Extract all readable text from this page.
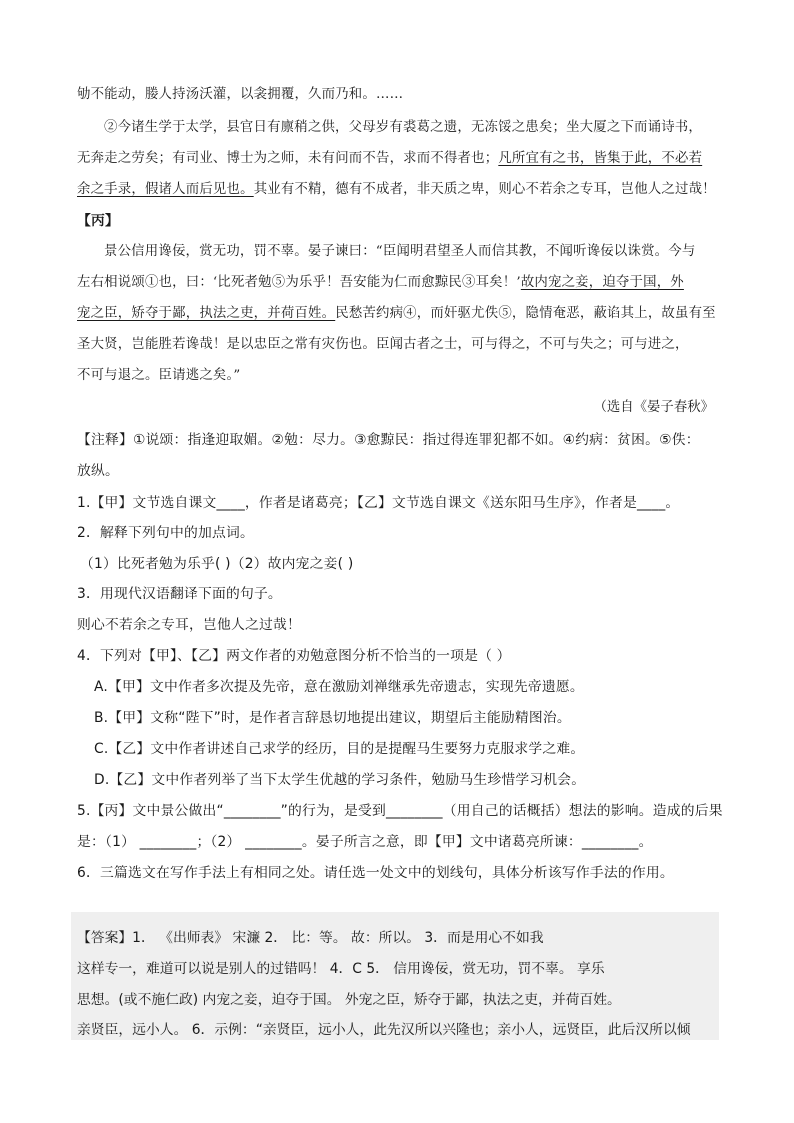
劬不能动，媵人持汤沃灌，以衾拥覆，久而乃和。……
②今诸生学于太学，县官日有廪稍之供，父母岁有裘葛之遗，无冻馁之患矣；坐大厦之下而诵诗书，
无奔走之劳矣；有司业、博士为之师，未有问而不告，求而不得者也；凡所宜有之书，皆集于此，不必若
余之手录，假诸人而后见也。其业有不精，德有不成者，非天质之卑，则心不若余之专耳，岂他人之过哉！
【丙】
景公信用谗佞，赏无功，罚不辜。晏子谏曰：“臣闻明君望圣人而信其教，不闻听谗佞以诛赏。今与
左右相说颂①也，曰：‘比死者勉⑤为乐乎！吾安能为仁而愈黥民③耳矣！’故内宠之妾，迫夺于国，外
宠之臣，矫夺于鄙，执法之吏，并荷百姓。民愁苦约病④，而奸驱尤佚⑤，隐情奄恶，蔽谄其上，故虽有至
圣大贤，岂能胜若谗哉！是以忠臣之常有灾伤也。臣闻古者之士，可与得之，不可与失之；可与进之，
不可与退之。臣请逃之矣。”
（选自《晏子春秋》
【注释】①说颂：指逢迎取媚。②勉：尽力。③愈黥民：指过得连罪犯都不如。④约病：贫困。⑤佚：
放纵。
1.【甲】文节选自课文____，作者是诸葛亮；【乙】文节选自课文《送东阳马生序》，作者是____。
2．解释下列句中的加点词。
（1）比死者勉为乐乎( )（2）故内宠之妾( )
3．用现代汉语翻译下面的句子。
则心不若余之专耳，岂他人之过哉！
4．下列对【甲】、【乙】两文作者的劝勉意图分析不恰当的一项是（ ）
A.【甲】文中作者多次提及先帝，意在激励刘禅继承先帝遗志，实现先帝遗愿。
B.【甲】文称“陛下”时，是作者言辞恳切地提出建议，期望后主能励精图治。
C.【乙】文中作者讲述自己求学的经历，目的是提醒马生要努力克服求学之难。
D.【乙】文中作者列举了当下太学生优越的学习条件，勉励马生珍惜学习机会。
5.【丙】文中景公做出“________”的行为，是受到________（用自己的话概括）想法的影响。造成的后果
是：（1） ________；（2） ________。晏子所言之意，即【甲】文中诸葛亮所谏：________。
6．三篇选文在写作手法上有相同之处。请任选一处文中的划线句，具体分析该写作手法的作用。
【答案】1． 《出师表》 宋濂 2． 比：等。 故：所以。 3．而是用心不如我
这样专一，难道可以说是别人的过错吗！ 4．C 5． 信用谗佞，赏无功，罚不辜。 享乐
思想。(或不施仁政) 内宠之妾，迫夺于国。 外宠之臣，矫夺于鄙，执法之吏，并荷百姓。
亲贤臣，远小人。 6．示例：“亲贤臣，远小人，此先汉所以兴隆也；亲小人，远贤臣，此后汉所以倾
